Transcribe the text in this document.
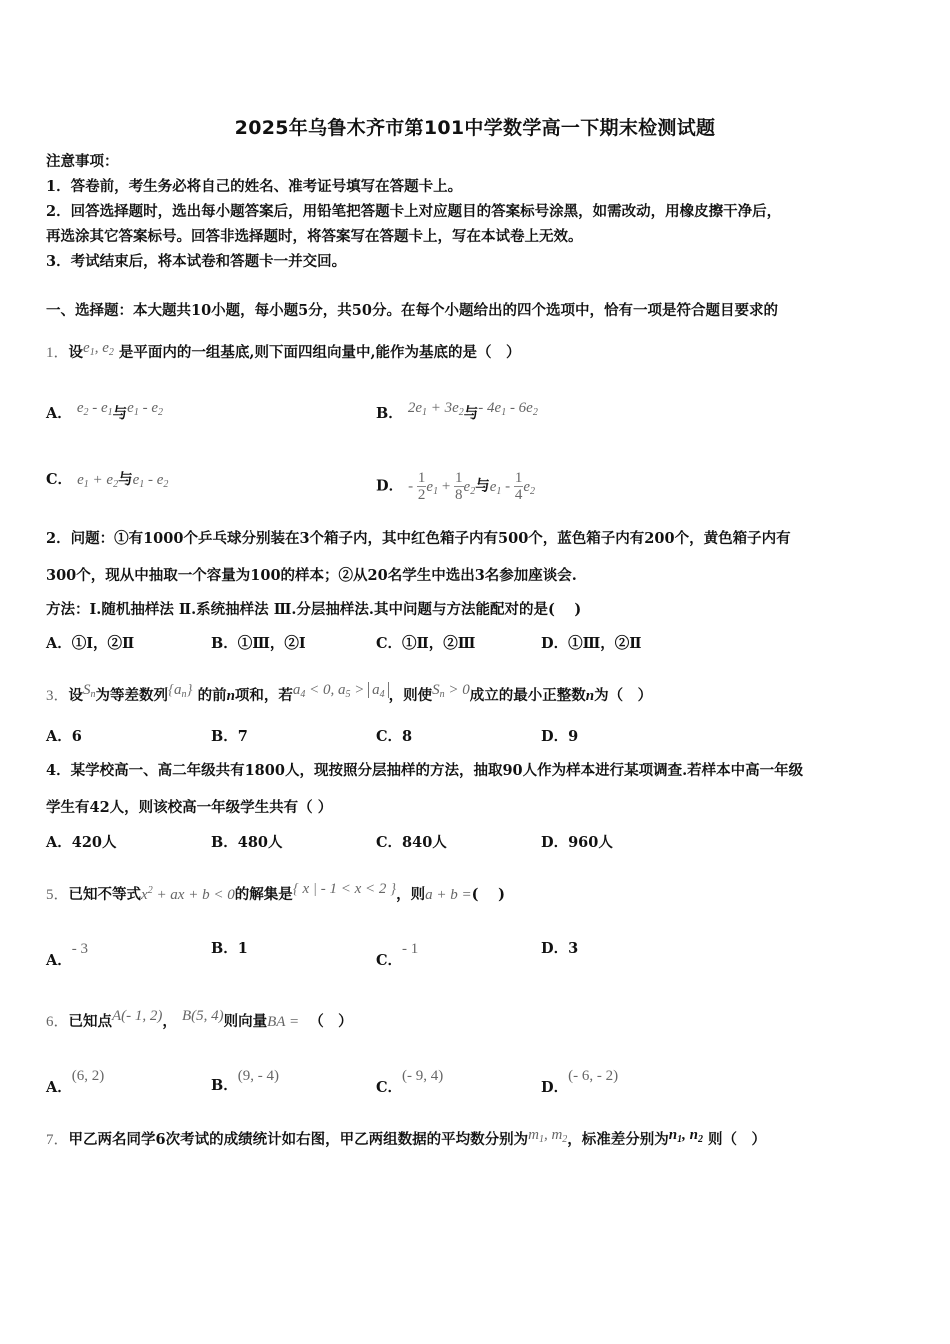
2025年乌鲁木齐市第101中学数学高一下期末检测试题
注意事项：
1．答卷前，考生务必将自己的姓名、准考证号填写在答题卡上。
2．回答选择题时，选出每小题答案后，用铅笔把答题卡上对应题目的答案标号涂黑，如需改动，用橡皮擦干净后，
再选涂其它答案标号。回答非选择题时，将答案写在答题卡上，写在本试卷上无效。
3．考试结束后，将本试卷和答题卡一并交回。
一、选择题：本大题共10小题，每小题5分，共50分。在每个小题给出的四个选项中，恰有一项是符合题目要求的
1．设$e_1$, $e_2$ 是平面内的一组基底,则下面四组向量中,能作为基底的是（　）
A． $e_2 - e_1$与$e_1 - e_2$	B． $2e_1 + 3e_2$与- $4e_1 - 6e_2$
C． $e_1 + e_2$与$e_1 - e_2$	D． - $\frac{1}{2} e_1 + \frac{1}{8} e_2$与$e_1 - \frac{1}{4} e_2$
2．问题：①有1000个乒乓球分别装在3个箱子内，其中红色箱子内有500个，蓝色箱子内有200个，黄色箱子内有
300个，现从中抽取一个容量为100的样本；②从20名学生中选出3名参加座谈会.
方法：Ⅰ.随机抽样法 Ⅱ.系统抽样法 Ⅲ.分层抽样法.其中问题与方法能配对的是(　 )
A．①Ⅰ，②Ⅱ	B．①Ⅲ，②Ⅰ	C．①Ⅱ，②Ⅲ	D．①Ⅲ，②Ⅱ
3．设$S_n$为等差数列$\{a_n\}$ 的前n项和，若$a_4 < 0$, $a_5 > a_4$ ，则使$S_n > 0$成立的最小正整数n为（　）
A．6	B．7	C．8	D．9
4．某学校高一、高二年级共有1800人，现按照分层抽样的方法，抽取90人作为样本进行某项调查.若样本中高一年级
学生有42人，则该校高一年级学生共有（ ）
A．420人	B．480人	C．840人	D．960人
5．已知不等式$x^2$ + ax + b < 0的解集是{ x | - 1 < x < 2 }，则a + b =(　 )
A．- 3	B．1
C．- 1	D．3
6．已知点A(- 1, 2)， B(5, 4)则向量BA = （　）
A．(6, 2)
B．(9, - 4)
C．(- 9, 4)
D．(- 6, - 2)
7．甲乙两名同学6次考试的成绩统计如右图，甲乙两组数据的平均数分别为$m_1$, $m_2$，标准差分别为$n_1$, $n_2$ 则（　）
